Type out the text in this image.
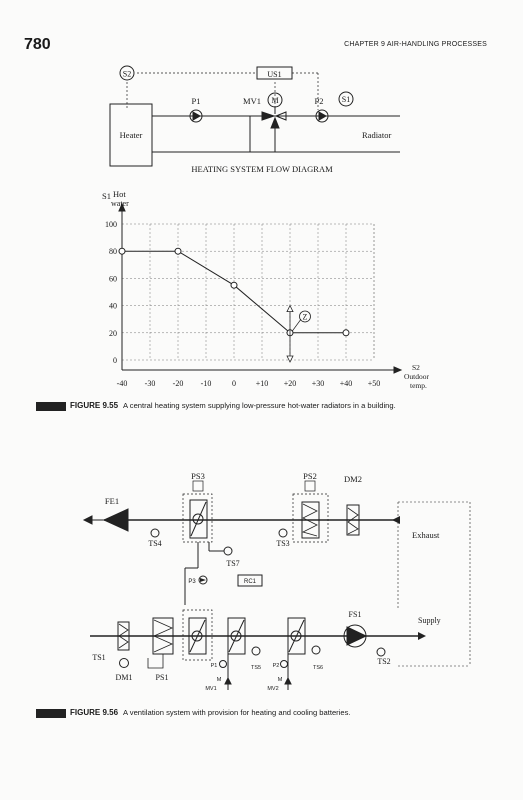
780	CHAPTER 9 AIR-HANDLING PROCESSES
S2	US1
P1	MV1 M	P2 S1
Heater	Radiator
HEATING SYSTEM FLOW DIAGRAM
-40 -30 -20 -10	0 +10 +20 +30 +40 +50
0
20
40
60
80
100
Z
S1 Hot
water
S2
Outdoor
temp.
FE1
PS3	PS2	DM2
Exhaust
TS4	TS3
TS7
P3	RC1
FS1
Supply
TS1	TS2
DM1	PS1
P1	TS5 P2	TS6
M	M
MV1	MV2
FIGURE 9.55 A central heating system supplying low-pressure hot-water radiators in a building.
FIGURE 9.56 A ventilation system with provision for heating and cooling batteries.
